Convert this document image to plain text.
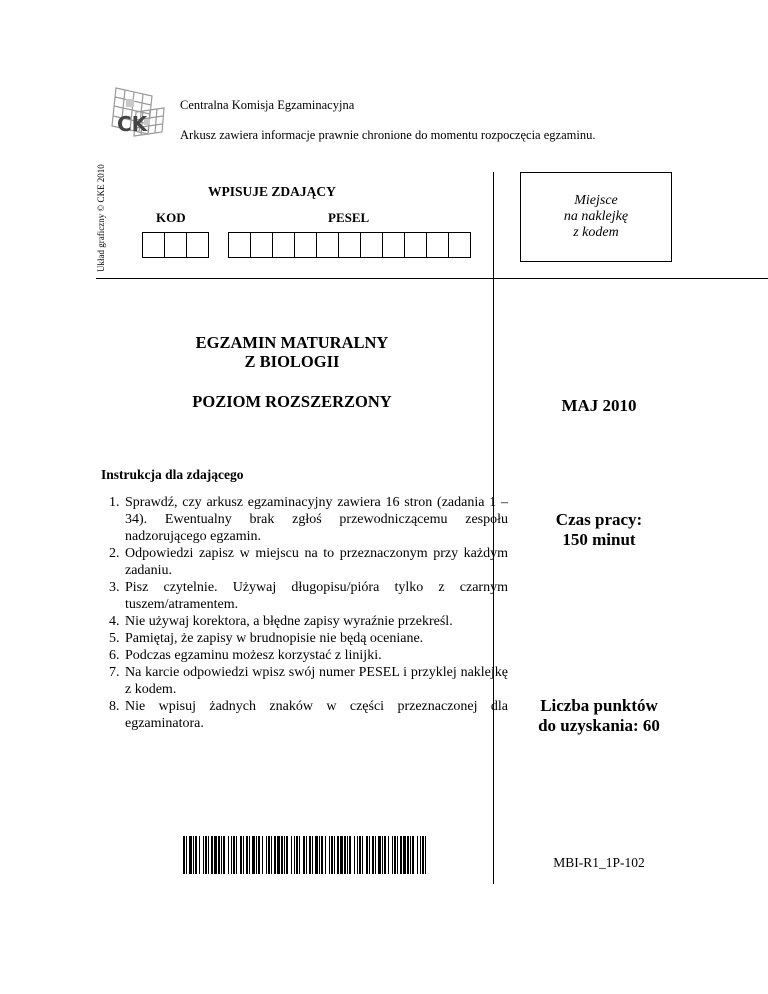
Układ graficzny © CKE 2010
CK
Centralna Komisja Egzaminacyjna
Arkusz zawiera informacje prawnie chronione do momentu rozpoczęcia egzaminu.
WPISUJE ZDAJĄCY
KOD	PESEL
Miejsce
na naklejkę
z kodem
EGZAMIN MATURALNY
Z BIOLOGII
POZIOM ROZSZERZONY	MAJ 2010
Instrukcja dla zdającego
1. Sprawdź, czy arkusz egzaminacyjny zawiera 16 stron (zadania 1 – 34). Ewentualny brak zgłoś przewodniczącemu zespołu nadzorującego egzamin.
2. Odpowiedzi zapisz w miejscu na to przeznaczonym przy każdym zadaniu.
3. Pisz czytelnie. Używaj długopisu/pióra tylko z czarnym tuszem/atramentem.
4. Nie używaj korektora, a błędne zapisy wyraźnie przekreśl.
5. Pamiętaj, że zapisy w brudnopisie nie będą oceniane.
6. Podczas egzaminu możesz korzystać z linijki.
7. Na karcie odpowiedzi wpisz swój numer PESEL i przyklej naklejkę z kodem.
8. Nie wpisuj żadnych znaków w części przeznaczonej dla egzaminatora.
Czas pracy:
150 minut
Liczba punktów
do uzyskania: 60
MBI-R1_1P-102
